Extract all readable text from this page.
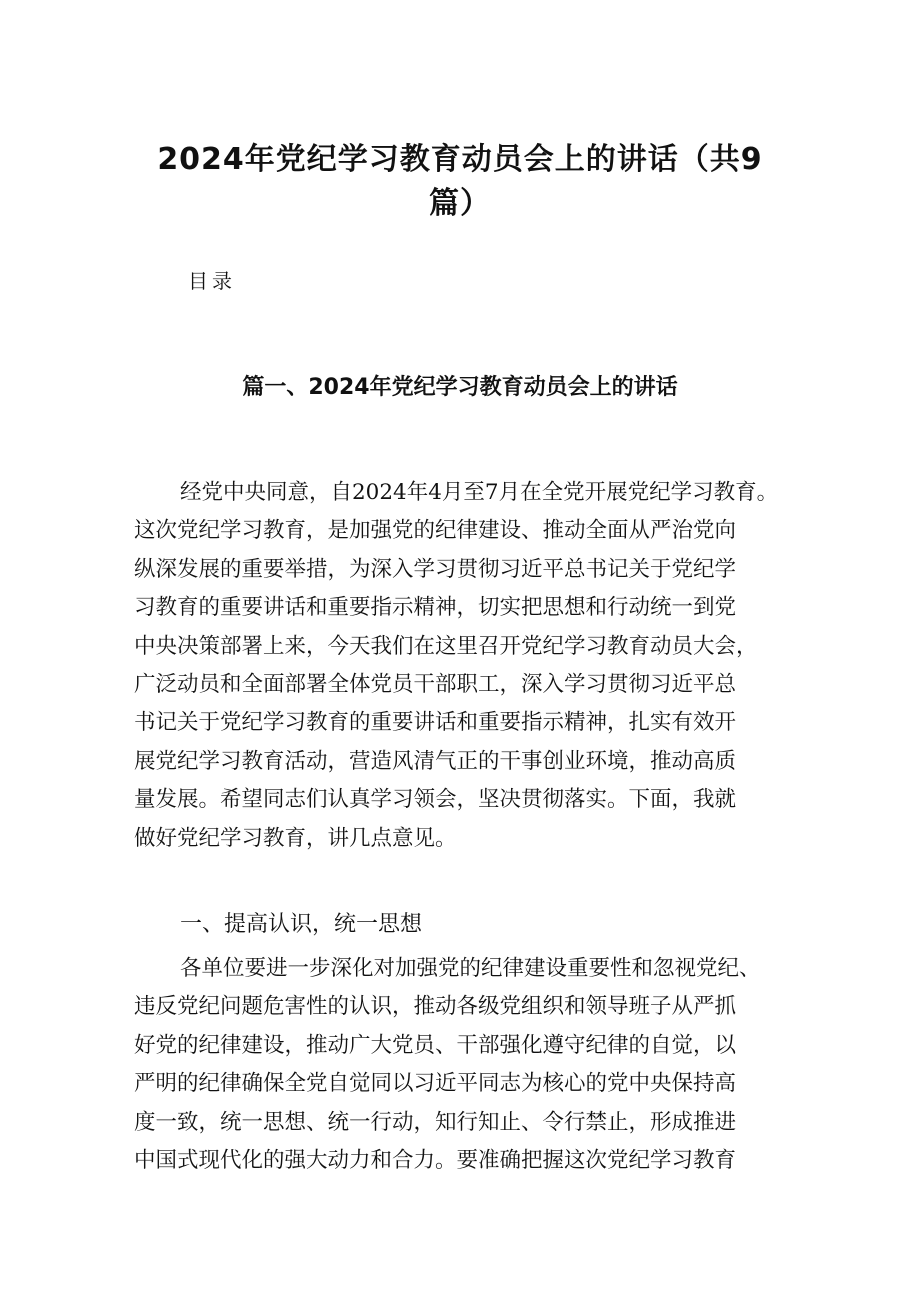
2024年党纪学习教育动员会上的讲话（共9
篇）
目录
篇一、2024年党纪学习教育动员会上的讲话
经党中央同意，自2024年4月至7月在全党开展党纪学习教育。
这次党纪学习教育，是加强党的纪律建设、推动全面从严治党向
纵深发展的重要举措，为深入学习贯彻习近平总书记关于党纪学
习教育的重要讲话和重要指示精神，切实把思想和行动统一到党
中央决策部署上来，今天我们在这里召开党纪学习教育动员大会，
广泛动员和全面部署全体党员干部职工，深入学习贯彻习近平总
书记关于党纪学习教育的重要讲话和重要指示精神，扎实有效开
展党纪学习教育活动，营造风清气正的干事创业环境，推动高质
量发展。希望同志们认真学习领会，坚决贯彻落实。下面，我就
做好党纪学习教育，讲几点意见。
一、提高认识，统一思想
各单位要进一步深化对加强党的纪律建设重要性和忽视党纪、
违反党纪问题危害性的认识，推动各级党组织和领导班子从严抓
好党的纪律建设，推动广大党员、干部强化遵守纪律的自觉，以
严明的纪律确保全党自觉同以习近平同志为核心的党中央保持高
度一致，统一思想、统一行动，知行知止、令行禁止，形成推进
中国式现代化的强大动力和合力。要准确把握这次党纪学习教育
